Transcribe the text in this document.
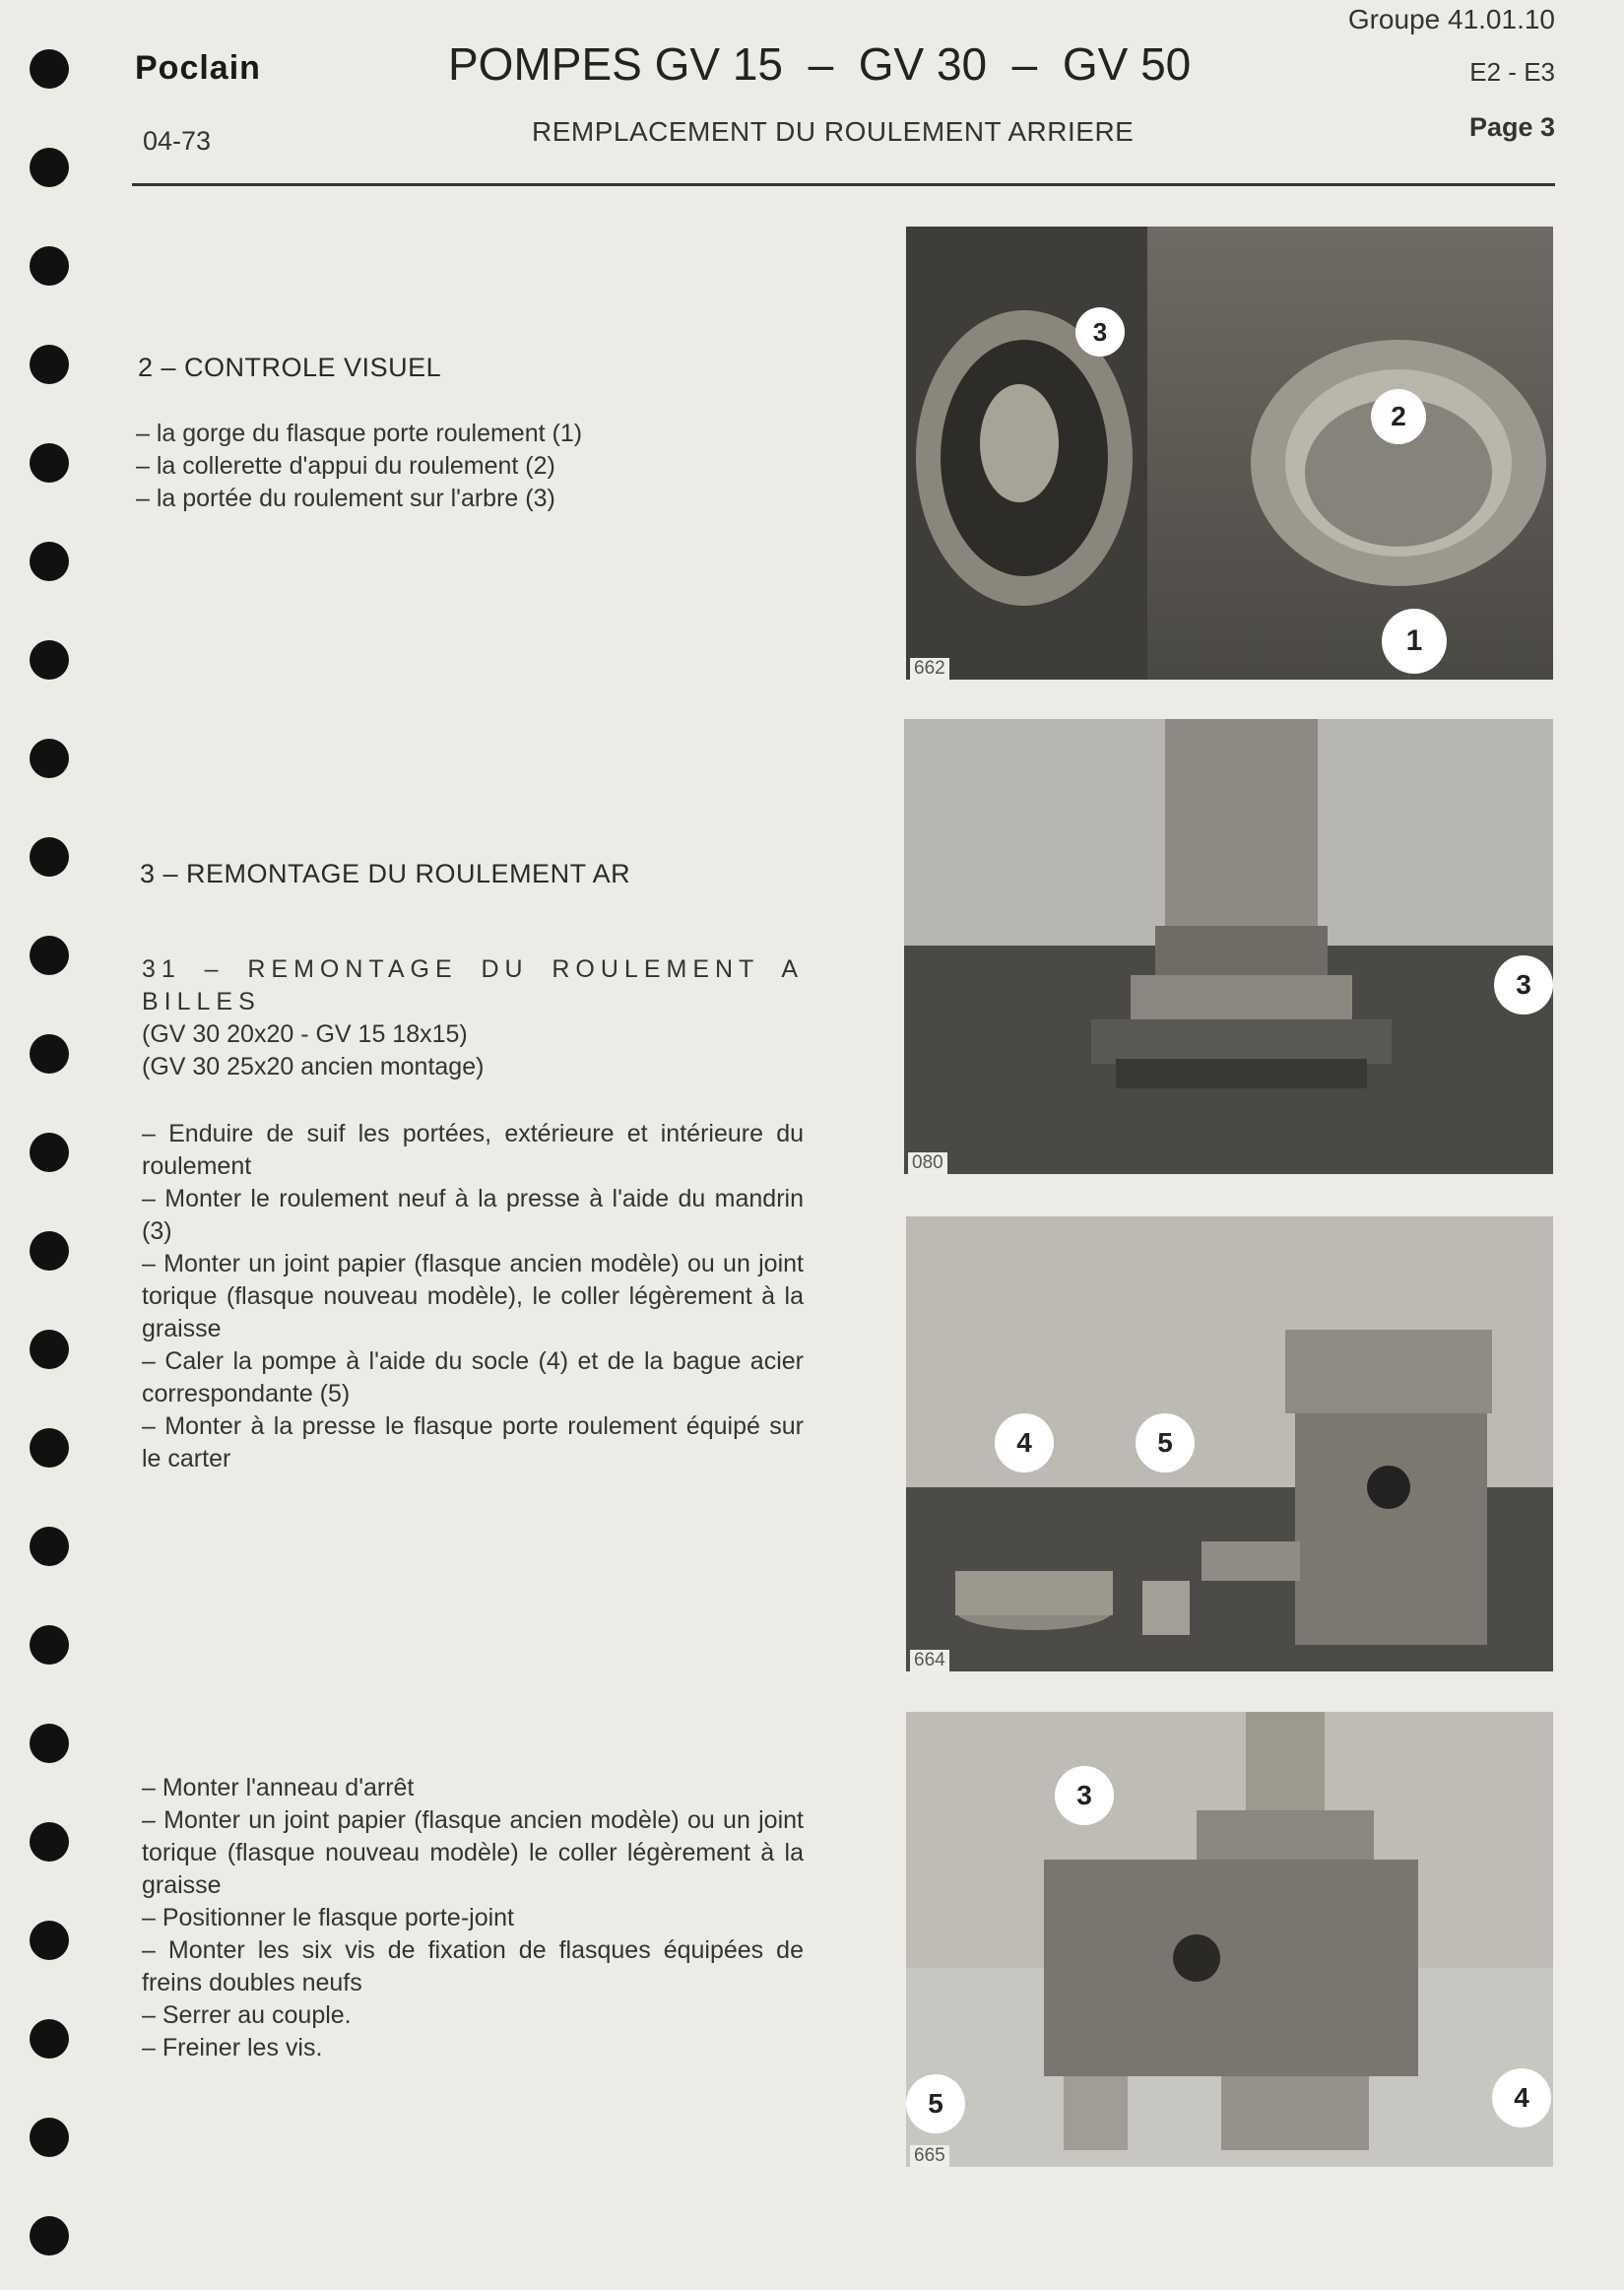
Poclain	POMPES GV 15  –  GV 30  –  GV 50
04-73	REMPLACEMENT DU ROULEMENT ARRIERE
Groupe 41.01.10
E2 - E3
Page 3
2 – CONTROLE VISUEL
– la gorge du flasque porte roulement (1)
– la collerette d'appui du roulement (2)
– la portée du roulement sur l'arbre (3)
3 – REMONTAGE DU ROULEMENT AR
31 – REMONTAGE DU ROULEMENT A BILLES
(GV 30 20x20 - GV 15 18x15)
(GV 30 25x20 ancien montage)
– Enduire de suif les portées, extérieure et intérieure du roulement
– Monter le roulement neuf à la presse à l'aide du mandrin (3)
– Monter un joint papier (flasque ancien modèle) ou un joint torique (flasque nouveau modèle), le coller légèrement à la graisse
– Caler la pompe à l'aide du socle (4) et de la bague acier correspondante (5)
– Monter à la presse le flasque porte roulement équipé sur le carter
– Monter l'anneau d'arrêt
– Monter un joint papier (flasque ancien modèle) ou un joint torique (flasque nouveau modèle) le coller légèrement à la graisse
– Positionner le flasque porte-joint
– Monter les six vis de fixation de flasques équipées de freins doubles neufs
– Serrer au couple.
– Freiner les vis.
3
2
1
662
3
080
4	5
664
3
5	4
665
